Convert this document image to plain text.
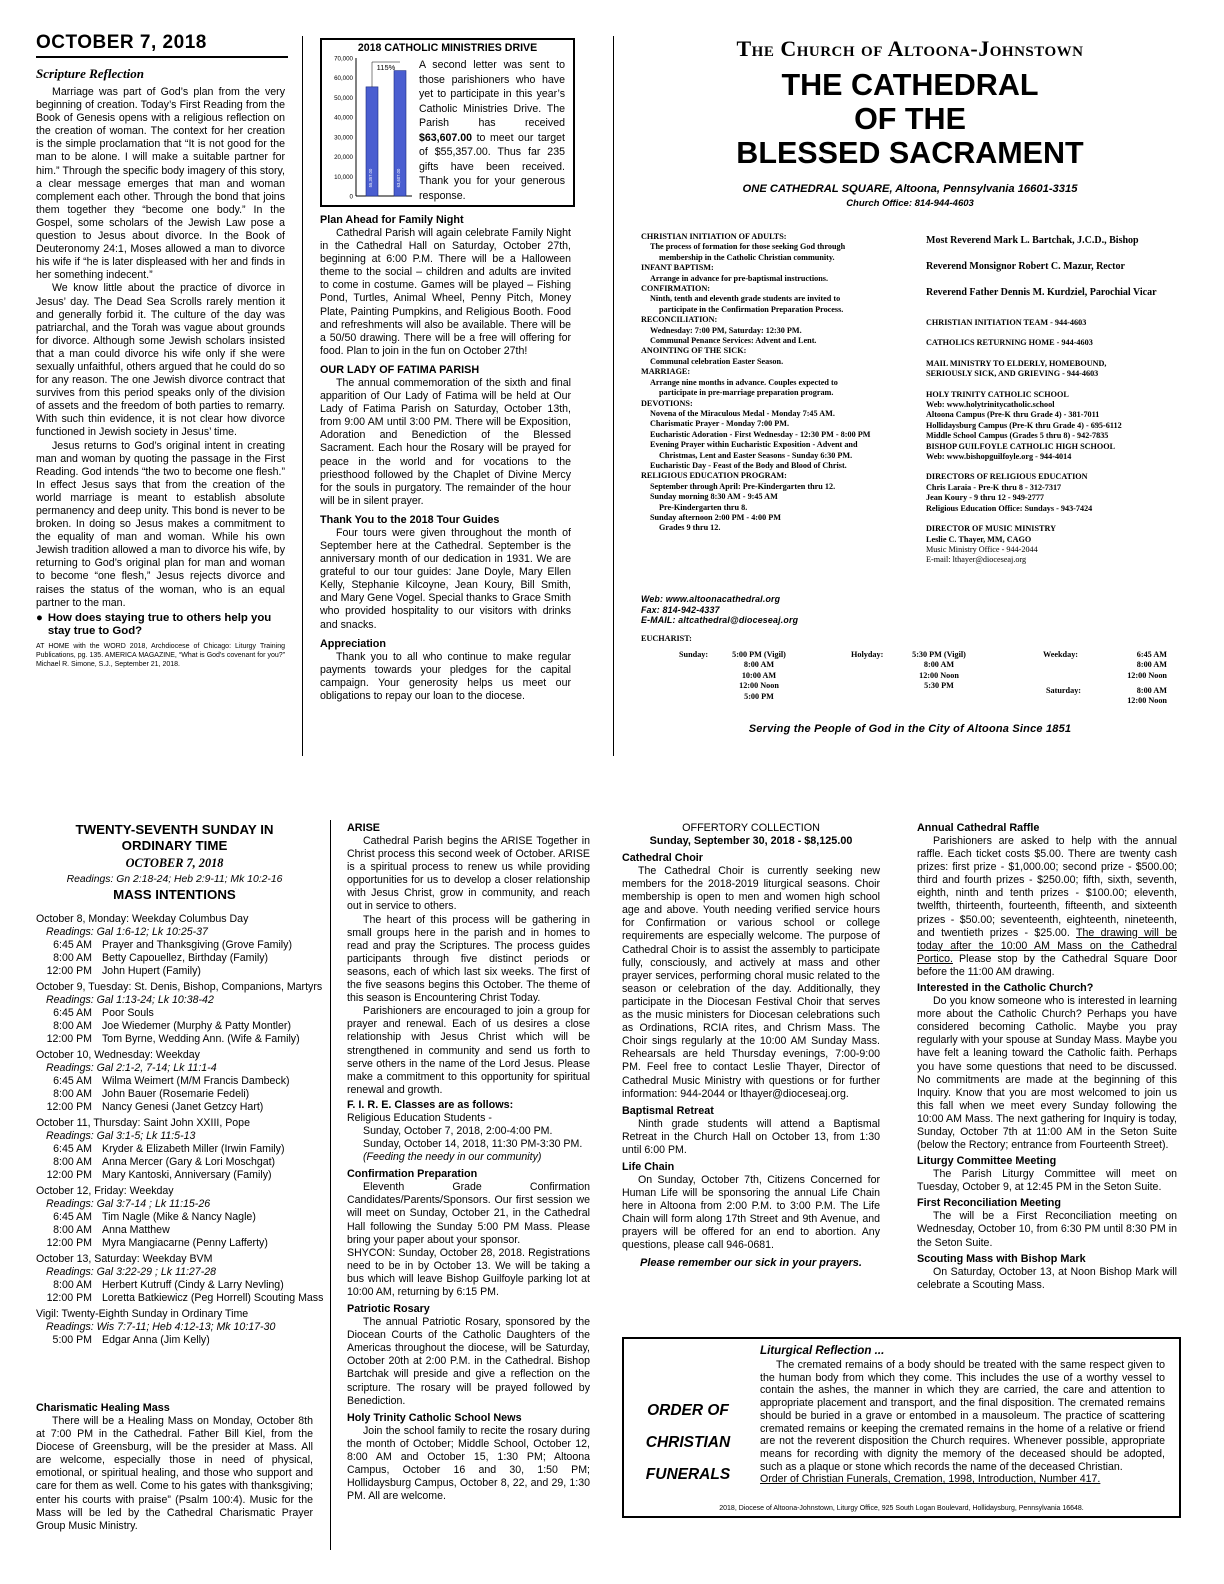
OCTOBER 7, 2018
Scripture Reflection
Marriage was part of God’s plan from the very beginning of creation. Today’s First Reading from the Book of Genesis opens with a religious reflection on the creation of woman. The context for her creation is the simple proclamation that “It is not good for the man to be alone. I will make a suitable partner for him.” Through the specific body imagery of this story, a clear message emerges that man and woman complement each other. Through the bond that joins them together they “become one body.” In the Gospel, some scholars of the Jewish Law pose a question to Jesus about divorce. In the Book of Deuteronomy 24:1, Moses allowed a man to divorce his wife if “he is later displeased with her and finds in her something indecent.”
We know little about the practice of divorce in Jesus’ day. The Dead Sea Scrolls rarely mention it and generally forbid it. The culture of the day was patriarchal, and the Torah was vague about grounds for divorce. Although some Jewish scholars insisted that a man could divorce his wife only if she were sexually unfaithful, others argued that he could do so for any reason. The one Jewish divorce contract that survives from this period speaks only of the division of assets and the freedom of both parties to remarry. With such thin evidence, it is not clear how divorce functioned in Jewish society in Jesus’ time.
Jesus returns to God’s original intent in creating man and woman by quoting the passage in the First Reading. God intends “the two to become one flesh.” In effect Jesus says that from the creation of the world marriage is meant to establish absolute permanency and deep unity. This bond is never to be broken. In doing so Jesus makes a commitment to the equality of man and woman. While his own Jewish tradition allowed a man to divorce his wife, by returning to God’s original plan for man and woman to become “one flesh,” Jesus rejects divorce and raises the status of the woman, who is an equal partner to the man.
● How does staying true to others help you stay true to God?
AT HOME with the WORD 2018, Archdiocese of Chicago: Liturgy Training Publications, pg. 135. AMERICA MAGAZINE, “What is God's covenant for you?” Michael R. Simone, S.J., September 21, 2018.
2018 CATHOLIC MINISTRIES DRIVE
70,000
60,000
50,000
40,000
30,000
20,000
10,000
0
55,357.00	63,607.00
115% A second letter was sent to those parishioners who have yet to participate in this year’s Catholic Ministries Drive. The Parish has received $63,607.00 to meet our target of $55,357.00. Thus far 235 gifts have been received. Thank you for your generous response.
Plan Ahead for Family Night
Cathedral Parish will again celebrate Family Night in the Cathedral Hall on Saturday, October 27th, beginning at 6:00 P.M. There will be a Halloween theme to the social – children and adults are invited to come in costume. Games will be played – Fishing Pond, Turtles, Animal Wheel, Penny Pitch, Money Plate, Painting Pumpkins, and Religious Booth. Food and refreshments will also be available. There will be a 50/50 drawing. There will be a free will offering for food. Plan to join in the fun on October 27th!
OUR LADY OF FATIMA PARISH
The annual commemoration of the sixth and final apparition of Our Lady of Fatima will be held at Our Lady of Fatima Parish on Saturday, October 13th, from 9:00 AM until 3:00 PM. There will be Exposition, Adoration and Benediction of the Blessed Sacrament. Each hour the Rosary will be prayed for peace in the world and for vocations to the priesthood followed by the Chaplet of Divine Mercy for the souls in purgatory. The remainder of the hour will be in silent prayer.
Thank You to the 2018 Tour Guides
Four tours were given throughout the month of September here at the Cathedral. September is the anniversary month of our dedication in 1931. We are grateful to our tour guides: Jane Doyle, Mary Ellen Kelly, Stephanie Kilcoyne, Jean Koury, Bill Smith, and Mary Gene Vogel. Special thanks to Grace Smith who provided hospitality to our visitors with drinks and snacks.
Appreciation
Thank you to all who continue to make regular payments towards your pledges for the capital campaign. Your generosity helps us meet our obligations to repay our loan to the diocese.
The Church of Altoona-Johnstown
THE CATHEDRAL
OF THE
BLESSED SACRAMENT
ONE CATHEDRAL SQUARE, Altoona, Pennsylvania 16601-3315
Church Office: 814-944-4603
CHRISTIAN INITIATION OF ADULTS:
The process of formation for those seeking God through
membership in the Catholic Christian community.
INFANT BAPTISM:
Arrange in advance for pre-baptismal instructions.
CONFIRMATION:
Ninth, tenth and eleventh grade students are invited to
participate in the Confirmation Preparation Process.
RECONCILIATION:
Wednesday: 7:00 PM, Saturday: 12:30 PM.
Communal Penance Services: Advent and Lent.
ANOINTING OF THE SICK:
Communal celebration Easter Season.
MARRIAGE:
Arrange nine months in advance. Couples expected to
participate in pre-marriage preparation program.
DEVOTIONS:
Novena of the Miraculous Medal - Monday 7:45 AM.
Charismatic Prayer - Monday 7:00 PM.
Eucharistic Adoration - First Wednesday - 12:30 PM - 8:00 PM
Evening Prayer within Eucharistic Exposition - Advent and
Christmas, Lent and Easter Seasons - Sunday 6:30 PM.
Eucharistic Day - Feast of the Body and Blood of Christ.
RELIGIOUS EDUCATION PROGRAM:
September through April: Pre-Kindergarten thru 12.
Sunday morning 8:30 AM - 9:45 AM
Pre-Kindergarten thru 8.
Sunday afternoon 2:00 PM - 4:00 PM
Grades 9 thru 12.
Web: www.altoonacathedral.org
Fax: 814-942-4337
E-MAIL: altcathedral@dioceseaj.org
Most Reverend Mark L. Bartchak, J.C.D., Bishop
Reverend Monsignor Robert C. Mazur, Rector
Reverend Father Dennis M. Kurdziel, Parochial Vicar
CHRISTIAN INITIATION TEAM - 944-4603
CATHOLICS RETURNING HOME - 944-4603
MAIL MINISTRY TO ELDERLY, HOMEBOUND,
SERIOUSLY SICK, AND GRIEVING - 944-4603
HOLY TRINITY CATHOLIC SCHOOL
Web: www.holytrinitycatholic.school
Altoona Campus (Pre-K thru Grade 4) - 381-7011
Hollidaysburg Campus (Pre-K thru Grade 4) - 695-6112
Middle School Campus (Grades 5 thru 8) - 942-7835
BISHOP GUILFOYLE CATHOLIC HIGH SCHOOL
Web: www.bishopguilfoyle.org - 944-4014
DIRECTORS OF RELIGIOUS EDUCATION
Chris Laraia - Pre-K thru 8 - 312-7317
Jean Koury - 9 thru 12 - 949-2777
Religious Education Office: Sundays - 943-7424
DIRECTOR OF MUSIC MINISTRY
Leslie C. Thayer, MM, CAGO
Music Ministry Office - 944-2044
E-mail: lthayer@dioceseaj.org
EUCHARIST:
Sunday:	5:00 PM (Vigil)
8:00 AM
10:00 AM
12:00 Noon
5:00 PM
Holyday:	5:30 PM (Vigil)
8:00 AM
12:00 Noon
5:30 PM
Weekday:	6:45 AM
8:00 AM
12:00 Noon
Saturday:	8:00 AM
12:00 Noon
Serving the People of God in the City of Altoona Since 1851
TWENTY-SEVENTH SUNDAY IN ORDINARY TIME
OCTOBER 7, 2018
Readings: Gn 2:18-24; Heb 2:9-11; Mk 10:2-16
MASS INTENTIONS
October 8, Monday: Weekday Columbus Day
Readings: Gal 1:6-12; Lk 10:25-37
6:45 AM Prayer and Thanksgiving (Grove Family)
8:00 AM Betty Capouellez, Birthday (Family)
12:00 PM John Hupert (Family)
October 9, Tuesday: St. Denis, Bishop, Companions, Martyrs
Readings: Gal 1:13-24; Lk 10:38-42
6:45 AM Poor Souls
8:00 AM Joe Wiedemer (Murphy & Patty Montler)
12:00 PM Tom Byrne, Wedding Ann. (Wife & Family)
October 10, Wednesday: Weekday
Readings: Gal 2:1-2, 7-14; Lk 11:1-4
6:45 AM Wilma Weimert (M/M Francis Dambeck)
8:00 AM John Bauer (Rosemarie Fedeli)
12:00 PM Nancy Genesi (Janet Getzcy Hart)
October 11, Thursday: Saint John XXIII, Pope
Readings: Gal 3:1-5; Lk 11:5-13
6:45 AM Kryder & Elizabeth Miller (Irwin Family)
8:00 AM Anna Mercer (Gary & Lori Moschgat)
12:00 PM Mary Kantoski, Anniversary (Family)
October 12, Friday: Weekday
Readings: Gal 3:7-14 ; Lk 11:15-26
6:45 AM Tim Nagle (Mike & Nancy Nagle)
8:00 AM Anna Matthew
12:00 PM Myra Mangiacarne (Penny Lafferty)
October 13, Saturday: Weekday BVM
Readings: Gal 3:22-29 ; Lk 11:27-28
8:00 AM Herbert Kutruff (Cindy & Larry Nevling)
12:00 PM Loretta Batkiewicz (Peg Horrell) Scouting Mass
Vigil: Twenty-Eighth Sunday in Ordinary Time
Readings: Wis 7:7-11; Heb 4:12-13; Mk 10:17-30
5:00 PM Edgar Anna (Jim Kelly)
Charismatic Healing Mass
There will be a Healing Mass on Monday, October 8th at 7:00 PM in the Cathedral. Father Bill Kiel, from the Diocese of Greensburg, will be the presider at Mass. All are welcome, especially those in need of physical, emotional, or spiritual healing, and those who support and care for them as well. Come to his gates with thanksgiving; enter his courts with praise” (Psalm 100:4). Music for the Mass will be led by the Cathedral Charismatic Prayer Group Music Ministry.
ARISE
Cathedral Parish begins the ARISE Together in Christ process this second week of October. ARISE is a spiritual process to renew us while providing opportunities for us to develop a closer relationship with Jesus Christ, grow in community, and reach out in service to others.
The heart of this process will be gathering in small groups here in the parish and in homes to read and pray the Scriptures. The process guides participants through five distinct periods or seasons, each of which last six weeks. The first of the five seasons begins this October. The theme of this season is Encountering Christ Today.
Parishioners are encouraged to join a group for prayer and renewal. Each of us desires a close relationship with Jesus Christ which will be strengthened in community and send us forth to serve others in the name of the Lord Jesus. Please make a commitment to this opportunity for spiritual renewal and growth.
F. I. R. E. Classes are as follows:
Religious Education Students -
Sunday, October 7, 2018, 2:00-4:00 PM.
Sunday, October 14, 2018, 11:30 PM-3:30 PM.
(Feeding the needy in our community)
Confirmation Preparation
Eleventh Grade Confirmation Candidates/Parents/Sponsors. Our first session we will meet on Sunday, October 21, in the Cathedral Hall following the Sunday 5:00 PM Mass. Please bring your paper about your sponsor.
SHYCON: Sunday, October 28, 2018. Registrations need to be in by October 13. We will be taking a bus which will leave Bishop Guilfoyle parking lot at 10:00 AM, returning by 6:15 PM.
Patriotic Rosary
The annual Patriotic Rosary, sponsored by the Diocean Courts of the Catholic Daughters of the Americas throughout the diocese, will be Saturday, October 20th at 2:00 P.M. in the Cathedral. Bishop Bartchak will preside and give a reflection on the scripture. The rosary will be prayed followed by Benediction.
Holy Trinity Catholic School News
Join the school family to recite the rosary during the month of October; Middle School, October 12, 8:00 AM and October 15, 1:30 PM; Altoona Campus, October 16 and 30, 1:50 PM; Hollidaysburg Campus, October 8, 22, and 29, 1:30 PM. All are welcome.
OFFERTORY COLLECTION
Sunday, September 30, 2018 - $8,125.00
Cathedral Choir
The Cathedral Choir is currently seeking new members for the 2018-2019 liturgical seasons. Choir membership is open to men and women high school age and above. Youth needing verified service hours for Confirmation or various school or college requirements are especially welcome. The purpose of Cathedral Choir is to assist the assembly to participate fully, consciously, and actively at mass and other prayer services, performing choral music related to the season or celebration of the day. Additionally, they participate in the Diocesan Festival Choir that serves as the music ministers for Diocesan celebrations such as Ordinations, RCIA rites, and Chrism Mass. The Choir sings regularly at the 10:00 AM Sunday Mass. Rehearsals are held Thursday evenings, 7:00-9:00 PM. Feel free to contact Leslie Thayer, Director of Cathedral Music Ministry with questions or for further information: 944-2044 or lthayer@dioceseaj.org.
Baptismal Retreat
Ninth grade students will attend a Baptismal Retreat in the Church Hall on October 13, from 1:30 until 6:00 PM.
Life Chain
On Sunday, October 7th, Citizens Concerned for Human Life will be sponsoring the annual Life Chain here in Altoona from 2:00 P.M. to 3:00 P.M. The Life Chain will form along 17th Street and 9th Avenue, and prayers will be offered for an end to abortion. Any questions, please call 946-0681.
Please remember our sick in your prayers.
Annual Cathedral Raffle
Parishioners are asked to help with the annual raffle. Each ticket costs $5.00. There are twenty cash prizes: first prize - $1,000.00; second prize - $500.00; third and fourth prizes - $250.00; fifth, sixth, seventh, eighth, ninth and tenth prizes - $100.00; eleventh, twelfth, thirteenth, fourteenth, fifteenth, and sixteenth prizes - $50.00; seventeenth, eighteenth, nineteenth, and twentieth prizes - $25.00. The drawing will be today after the 10:00 AM Mass on the Cathedral Portico. Please stop by the Cathedral Square Door before the 11:00 AM drawing.
Interested in the Catholic Church?
Do you know someone who is interested in learning more about the Catholic Church? Perhaps you have considered becoming Catholic. Maybe you pray regularly with your spouse at Sunday Mass. Maybe you have felt a leaning toward the Catholic faith. Perhaps you have some questions that need to be discussed. No commitments are made at the beginning of this Inquiry. Know that you are most welcomed to join us this fall when we meet every Sunday following the 10:00 AM Mass. The next gathering for Inquiry is today, Sunday, October 7th at 11:00 AM in the Seton Suite (below the Rectory; entrance from Fourteenth Street).
Liturgy Committee Meeting
The Parish Liturgy Committee will meet on Tuesday, October 9, at 12:45 PM in the Seton Suite.
First Reconciliation Meeting
The will be a First Reconciliation meeting on Wednesday, October 10, from 6:30 PM until 8:30 PM in the Seton Suite.
Scouting Mass with Bishop Mark
On Saturday, October 13, at Noon Bishop Mark will celebrate a Scouting Mass.
ORDER OF
CHRISTIAN
FUNERALS
Liturgical Reflection ...
The cremated remains of a body should be treated with the same respect given to the human body from which they come. This includes the use of a worthy vessel to contain the ashes, the manner in which they are carried, the care and attention to appropriate placement and transport, and the final disposition. The cremated remains should be buried in a grave or entombed in a mausoleum. The practice of scattering cremated remains or keeping the cremated remains in the home of a relative or friend are not the reverent disposition the Church requires. Whenever possible, appropriate means for recording with dignity the memory of the deceased should be adopted, such as a plaque or stone which records the name of the deceased Christian.
Order of Christian Funerals, Cremation, 1998, Introduction, Number 417.
2018, Diocese of Altoona-Johnstown, Liturgy Office, 925 South Logan Boulevard, Hollidaysburg, Pennsylvania 16648.
